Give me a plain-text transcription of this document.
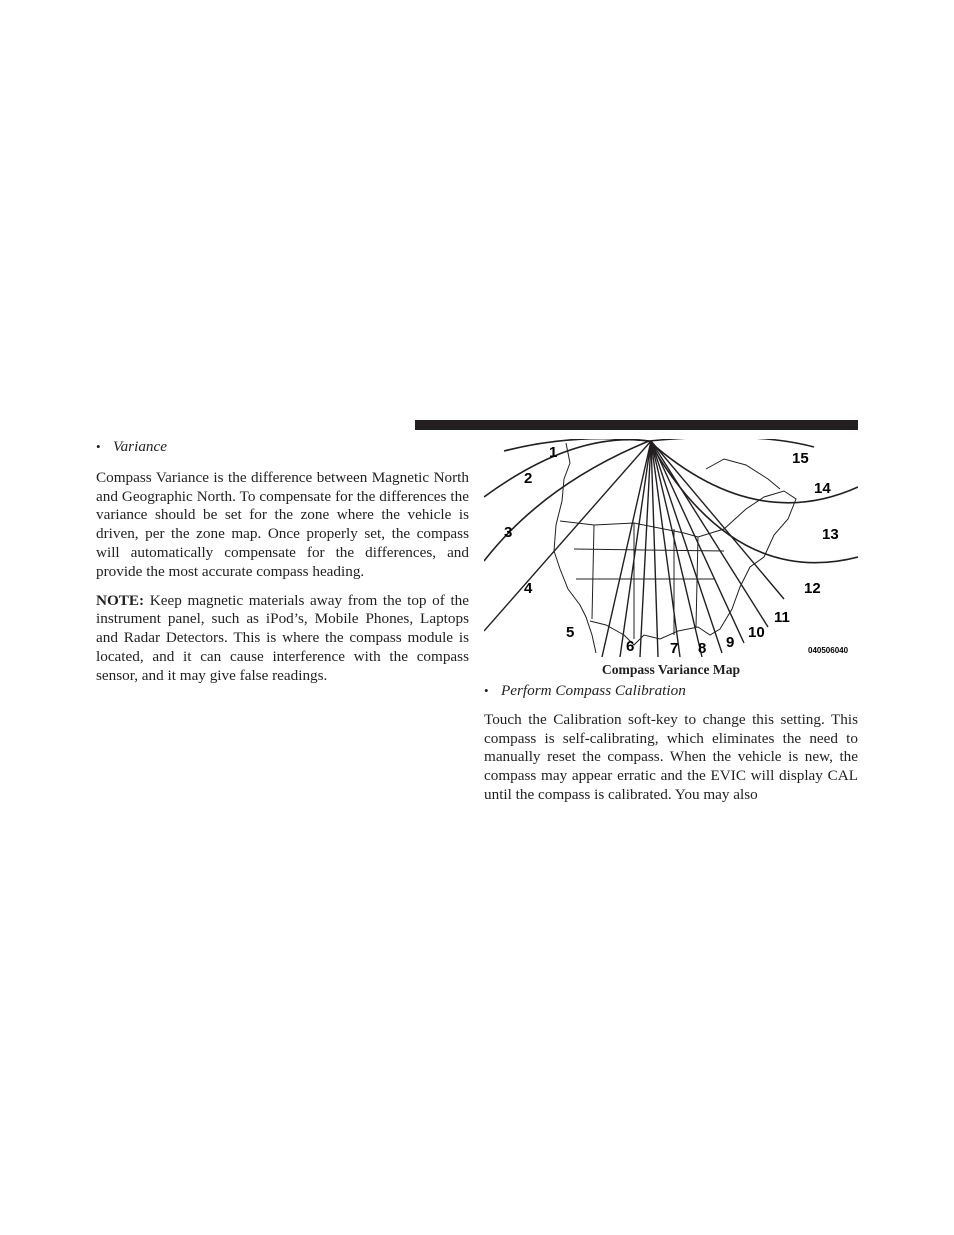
• Variance

Compass Variance is the difference between Magnetic North and Geographic North. To compensate for the differences the variance should be set for the zone where the vehicle is driven, per the zone map. Once properly set, the compass will automatically compensate for the differences, and provide the most accurate compass heading.

NOTE: Keep magnetic materials away from the top of the instrument panel, such as iPod’s, Mobile Phones, Laptops and Radar Detectors. This is where the compass module is located, and it can cause interference with the compass sensor, and it may give false readings.

1
2
3
4
5
6 7 8 9
10
11
12
13
14
15
040506040
Compass Variance Map
• Perform Compass Calibration

Touch the Calibration soft-key to change this setting. This compass is self-calibrating, which eliminates the need to manually reset the compass. When the vehicle is new, the compass may appear erratic and the EVIC will display CAL until the compass is calibrated. You may also
